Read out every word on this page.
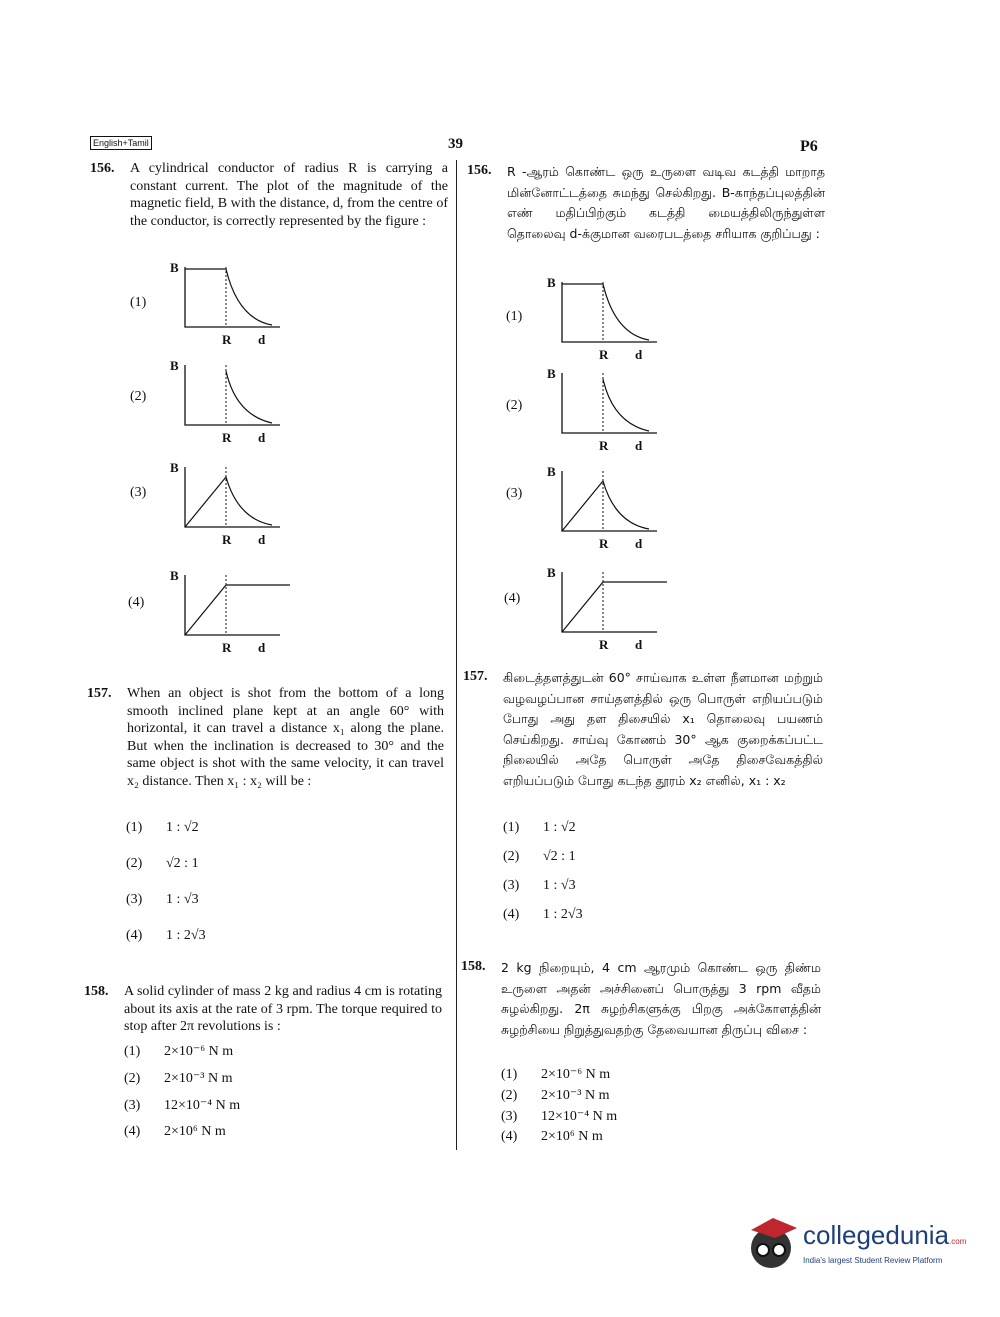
English+Tamil	39	P6
156. A cylindrical conductor of radius R is carrying a constant current. The plot of the magnitude of the magnetic field, B with the distance, d, from the centre of the conductor, is correctly represented by the figure :
(1)
(2)
(3)
(4)
B
R d
B
R d
B
R d
B
R d
157. When an object is shot from the bottom of a long smooth inclined plane kept at an angle 60° with horizontal, it can travel a distance x₁ along the plane. But when the inclination is decreased to 30° and the same object is shot with the same velocity, it can travel x₂ distance. Then x₁ : x₂ will be :
(1) 1 : √2
(2) √2 : 1
(3) 1 : √3
(4) 1 : 2√3
158. A solid cylinder of mass 2 kg and radius 4 cm is rotating about its axis at the rate of 3 rpm. The torque required to stop after 2π revolutions is :
(1) 2×10⁻⁶ N m
(2) 2×10⁻³ N m
(3) 12×10⁻⁴ N m
(4) 2×10⁶ N m
156. R -ஆரம் கொண்ட ஒரு உருளை வடிவ கடத்தி மாறாத மின்னோட்டத்தை சுமந்து செல்கிறது. B-காந்தப்புலத்தின் எண் மதிப்பிற்கும் கடத்தி மையத்திலிருந்துள்ள தொலைவு d-க்குமான வரைபடத்தை சரியாக குறிப்பது :
(1)
(2)
(3)
(4)
B
R d
B
R d
B
R d
B
R d
157. கிடைத்தளத்துடன் 60° சாய்வாக உள்ள நீளமான மற்றும் வழவழப்பான சாய்தளத்தில் ஒரு பொருள் எறியப்படும் போது அது தள திசையில் x₁ தொலைவு பயணம் செய்கிறது. சாய்வு கோணம் 30° ஆக குறைக்கப்பட்ட நிலையில் அதே பொருள் அதே திசைவேகத்தில் எறியப்படும் போது கடந்த தூரம் x₂ எனில், x₁ : x₂
(1) 1 : √2
(2) √2 : 1
(3) 1 : √3
(4) 1 : 2√3
158. 2 kg நிறையும், 4 cm ஆரமும் கொண்ட ஒரு திண்ம உருளை அதன் அச்சினைப் பொருத்து 3 rpm வீதம் சுழல்கிறது. 2π சுழற்சிகளுக்கு பிறகு அக்கோளத்தின் சுழற்சியை நிறுத்துவதற்கு தேவையான திருப்பு விசை :
(1) 2×10⁻⁶ N m
(2) 2×10⁻³ N m
(3) 12×10⁻⁴ N m
(4) 2×10⁶ N m
collegedunia.com
India's largest Student Review Platform
